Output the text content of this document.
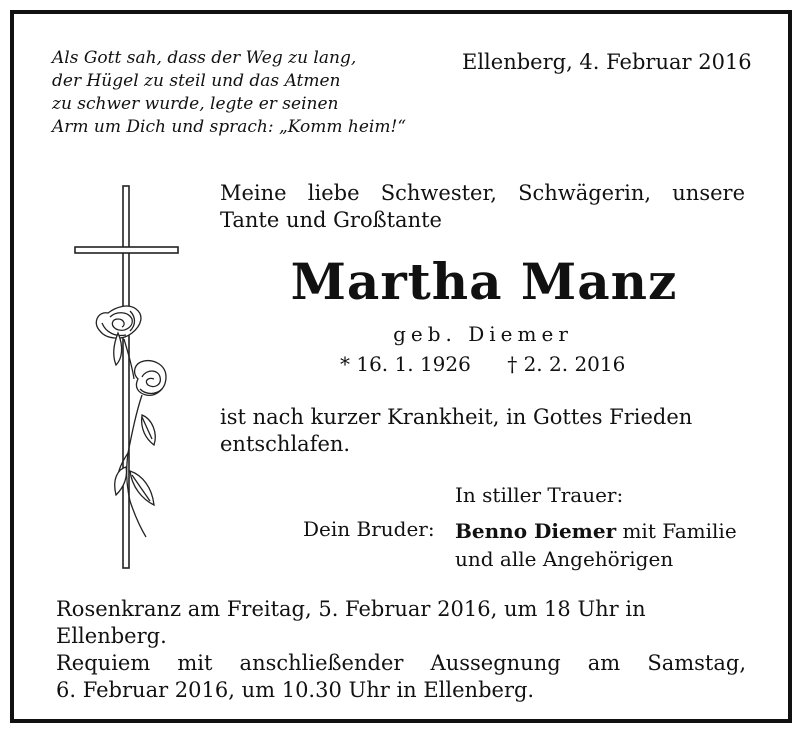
Als Gott sah, dass der Weg zu lang,
der Hügel zu steil und das Atmen
zu schwer wurde, legte er seinen
Arm um Dich und sprach: „Komm heim!“
Ellenberg, 4. Februar 2016
Meine liebe Schwester, Schwägerin, unsere
Tante und Großtante
Martha Manz
geb. Diemer
* 16. 1. 1926 † 2. 2. 2016
ist nach kurzer Krankheit, in Gottes Frieden
entschlafen.
In stiller Trauer:
Dein Bruder: Benno Diemer mit Familie
und alle Angehörigen
Rosenkranz am Freitag, 5. Februar 2016, um 18 Uhr in Ellenberg.
Requiem mit anschließender Aussegnung am Samstag,
6. Februar 2016, um 10.30 Uhr in Ellenberg.
